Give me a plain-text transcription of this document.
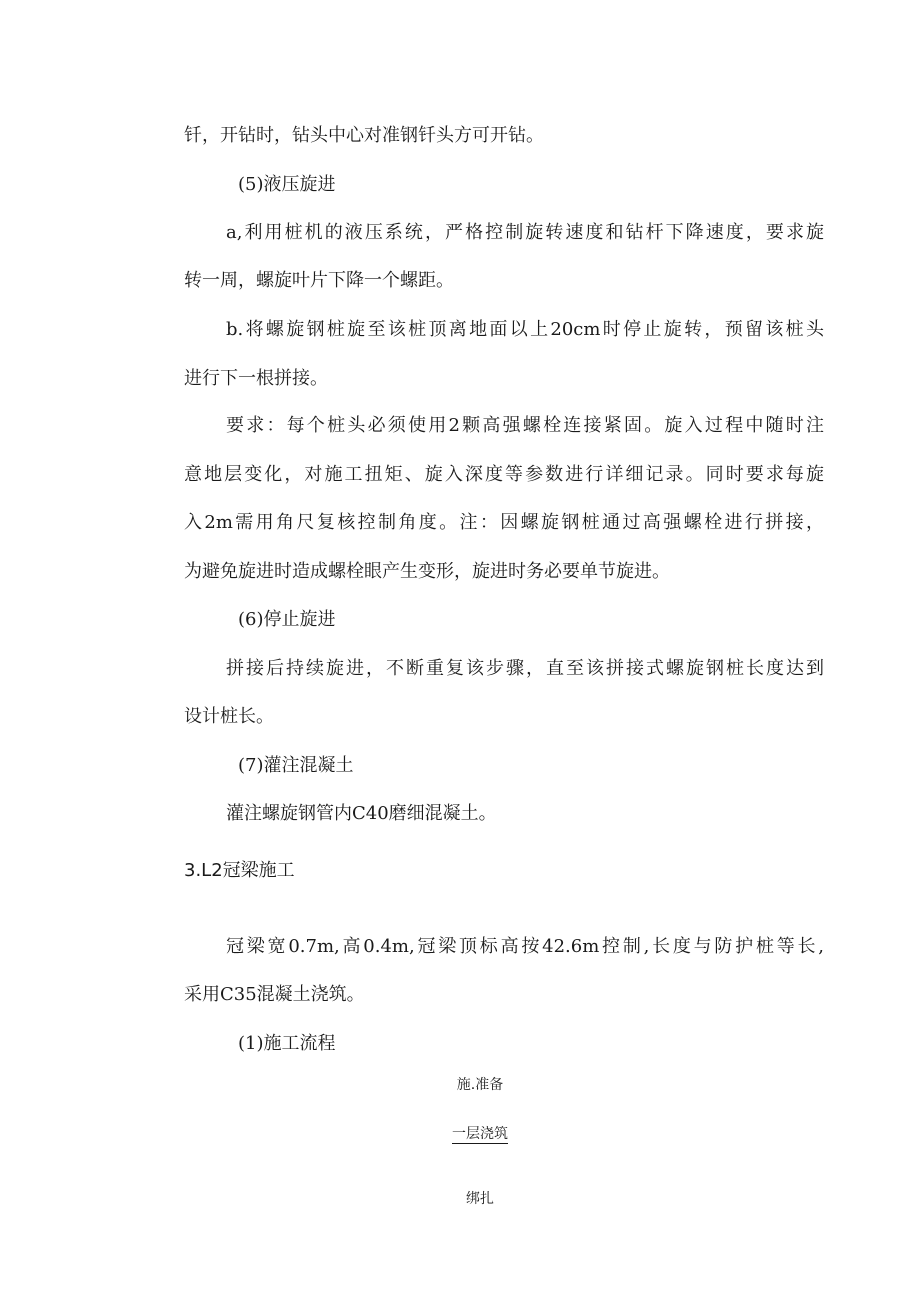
钎，开钻时，钻头中心对准钢钎头方可开钻。
(5)液压旋进
a,利用桩机的液压系统，严格控制旋转速度和钻杆下降速度，要求旋
转一周，螺旋叶片下降一个螺距。
b.将螺旋钢桩旋至该桩顶离地面以上20cm时停止旋转，预留该桩头
进行下一根拼接。
要求：每个桩头必须使用2颗高强螺栓连接紧固。旋入过程中随时注
意地层变化，对施工扭矩、旋入深度等参数进行详细记录。同时要求每旋
入2m需用角尺复核控制角度。注：因螺旋钢桩通过高强螺栓进行拼接，
为避免旋进时造成螺栓眼产生变形，旋进时务必要单节旋进。
(6)停止旋进
拼接后持续旋进，不断重复该步骤，直至该拼接式螺旋钢桩长度达到
设计桩长。
(7)灌注混凝土
灌注螺旋钢管内C40磨细混凝土。
3.L2冠梁施工
冠梁宽0.7m,高0.4m,冠梁顶标高按42.6m控制,长度与防护桩等长,
采用C35混凝土浇筑。
(1)施工流程
施.准备
一层浇筑
绑扎
